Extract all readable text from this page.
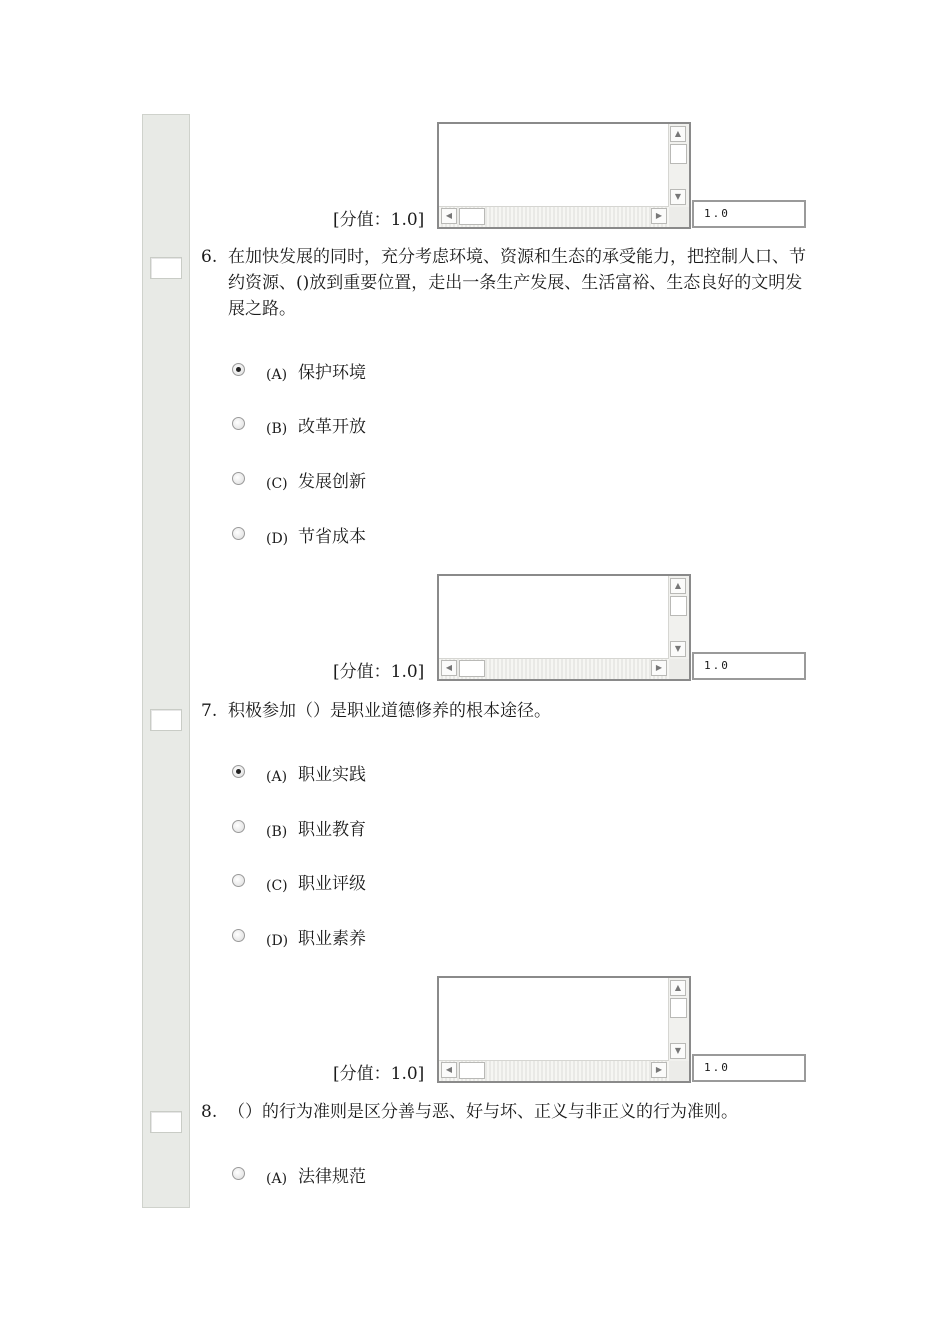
▲
▼
◀	▶
[分值：1.0]	1.0
6. 在加快发展的同时，充分考虑环境、资源和生态的承受能力，把控制人口、节约资源、()放到重要位置，走出一条生产发展、生活富裕、生态良好的文明发展之路。
(A) 保护环境
(B) 改革开放
(C) 发展创新
(D) 节省成本
▲
▼
◀	▶
[分值：1.0]	1.0
7. 积极参加（）是职业道德修养的根本途径。
(A) 职业实践
(B) 职业教育
(C) 职业评级
(D) 职业素养
▲
▼
◀	▶
[分值：1.0]	1.0
8. （）的行为准则是区分善与恶、好与坏、正义与非正义的行为准则。
(A) 法律规范
